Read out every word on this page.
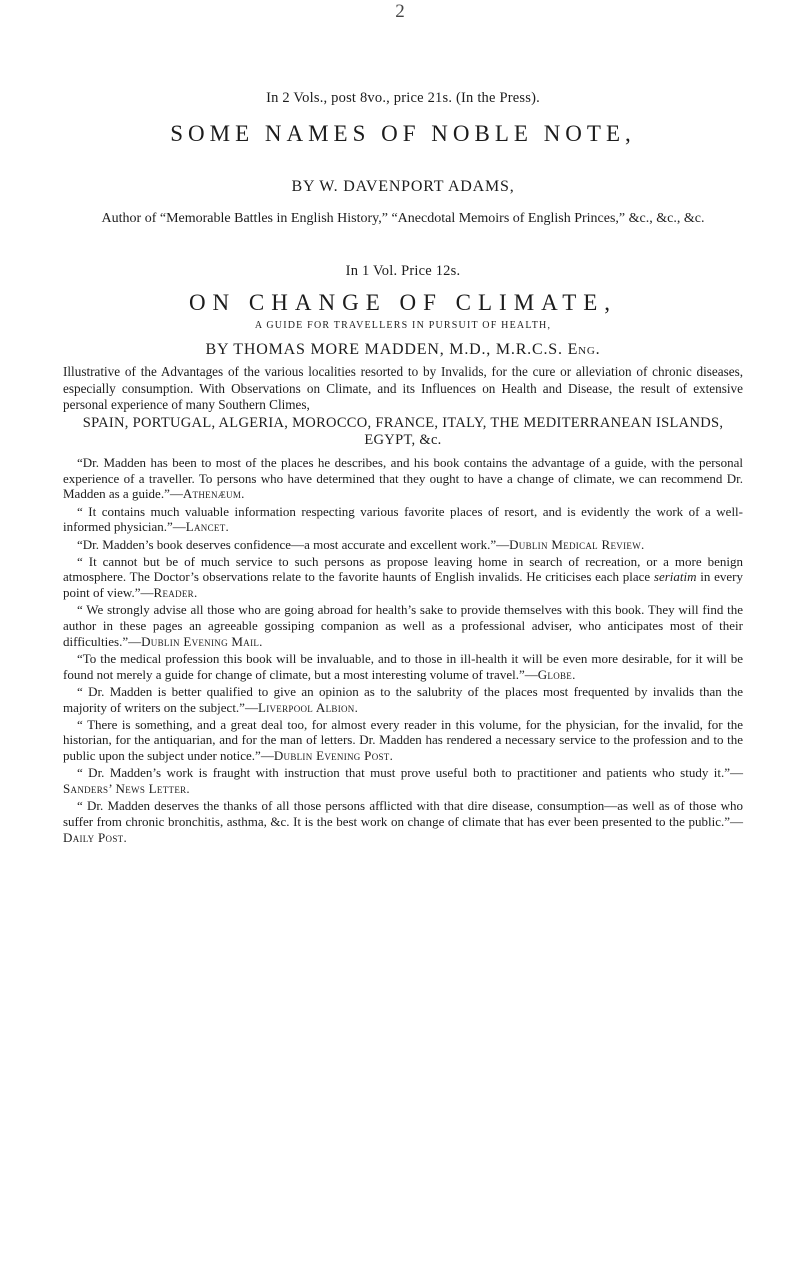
2
In 2 Vols., post 8vo., price 21s. (In the Press).
SOME NAMES OF NOBLE NOTE,
BY W. DAVENPORT ADAMS,
Author of “Memorable Battles in English History,” “Anecdotal Memoirs of English Princes,” &c., &c., &c.
In 1 Vol. Price 12s.
ON CHANGE OF CLIMATE,
A GUIDE FOR TRAVELLERS IN PURSUIT OF HEALTH,
BY THOMAS MORE MADDEN, M.D., M.R.C.S. Eng.
Illustrative of the Advantages of the various localities resorted to by Invalids, for the cure or alleviation of chronic diseases, especially consumption. With Observations on Climate, and its Influences on Health and Disease, the result of extensive personal experience of many Southern Climes,
SPAIN, PORTUGAL, ALGERIA, MOROCCO, FRANCE, ITALY, THE MEDITERRANEAN ISLANDS, EGYPT, &c.

“Dr. Madden has been to most of the places he describes, and his book contains the advantage of a guide, with the personal experience of a traveller. To persons who have determined that they ought to have a change of climate, we can recommend Dr. Madden as a guide.”—Athenæum.

“ It contains much valuable information respecting various favorite places of resort, and is evidently the work of a well-informed physician.”—Lancet.

“Dr. Madden’s book deserves confidence—a most accurate and excellent work.”—Dublin Medical Review.

“ It cannot but be of much service to such persons as propose leaving home in search of recreation, or a more benign atmosphere. The Doctor’s observations relate to the favorite haunts of English invalids. He criticises each place seriatim in every point of view.”—Reader.

“ We strongly advise all those who are going abroad for health’s sake to provide themselves with this book. They will find the author in these pages an agreeable gossiping companion as well as a professional adviser, who anticipates most of their difficulties.”—Dublin Evening Mail.

“To the medical profession this book will be invaluable, and to those in ill-health it will be even more desirable, for it will be found not merely a guide for change of climate, but a most interesting volume of travel.”—Globe.

“ Dr. Madden is better qualified to give an opinion as to the salubrity of the places most frequented by invalids than the majority of writers on the subject.”—Liverpool Albion.

“ There is something, and a great deal too, for almost every reader in this volume, for the physician, for the invalid, for the historian, for the antiquarian, and for the man of letters. Dr. Madden has rendered a necessary service to the profession and to the public upon the subject under notice.”—Dublin Evening Post.

“ Dr. Madden’s work is fraught with instruction that must prove useful both to practitioner and patients who study it.”—Sanders’ News Letter.

“ Dr. Madden deserves the thanks of all those persons afflicted with that dire disease, consumption—as well as of those who suffer from chronic bronchitis, asthma, &c. It is the best work on change of climate that has ever been presented to the public.”—Daily Post.
